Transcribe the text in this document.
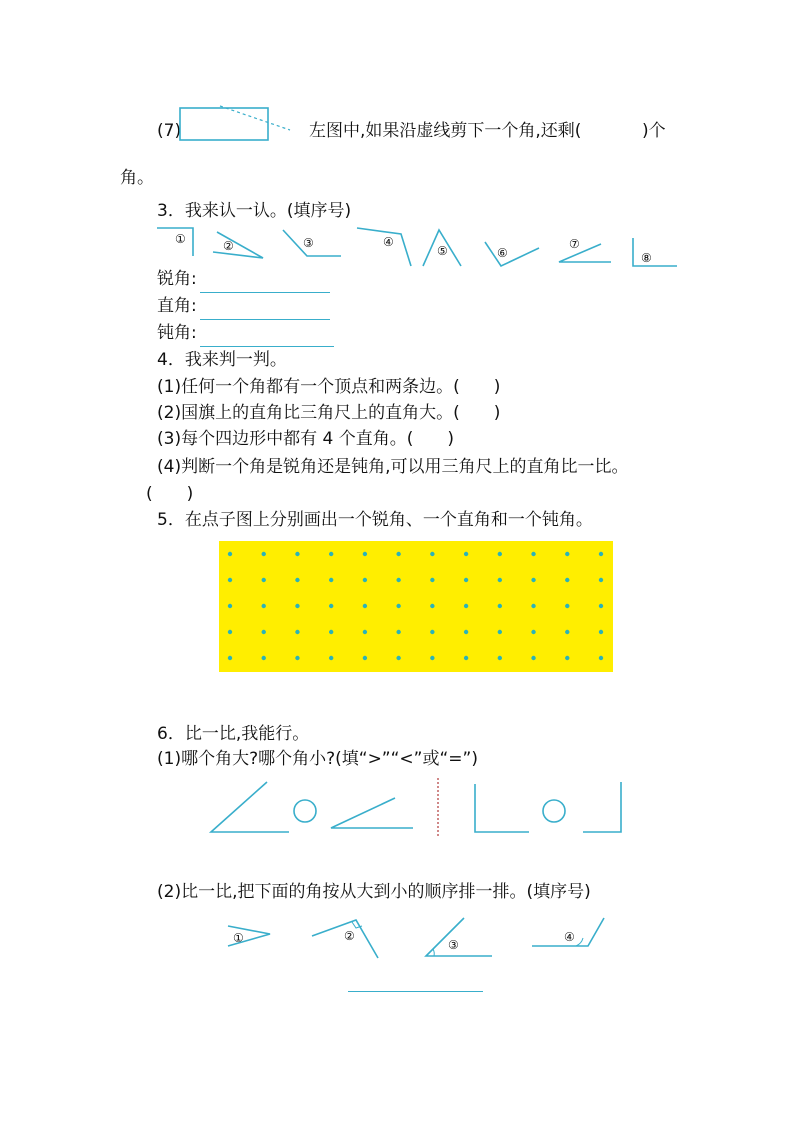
(7)	左图中,如果沿虚线剪下一个角,还剩(	)个
角。
3．我来认一认。(填序号)
①	②	③	④
⑤	⑥
⑦
⑧
锐角:
直角:
钝角:
4．我来判一判。
(1)任何一个角都有一个顶点和两条边。(　　)
(2)国旗上的直角比三角尺上的直角大。(　　)
(3)每个四边形中都有 4 个直角。(　　)
(4)判断一个角是锐角还是钝角,可以用三角尺上的直角比一比。
(　　)
5．在点子图上分别画出一个锐角、一个直角和一个钝角。
6．比一比,我能行。
(1)哪个角大?哪个角小?(填“>”“<”或“=”)
(2)比一比,把下面的角按从大到小的顺序排一排。(填序号)
①	②
③
④
